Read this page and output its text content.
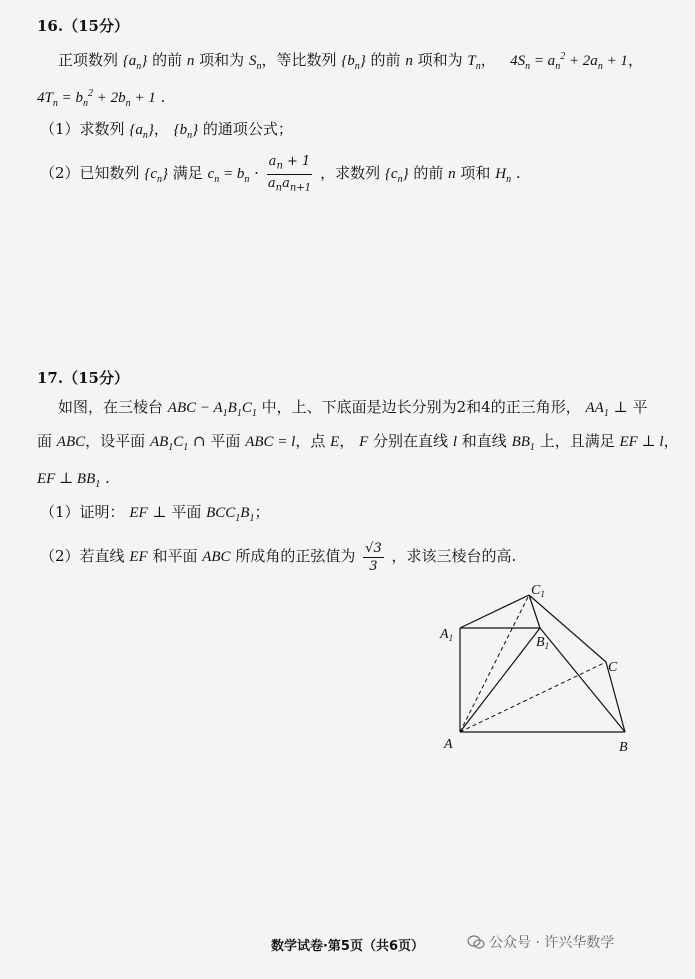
16.（15分）
正项数列 $\{a_n\}$ 的前 n 项和为 $S_n$，等比数列 $\{b_n\}$ 的前 n 项和为 $T_n$，   $4S_n = a_n^2 + 2a_n + 1$，
$4T_n = b_n^2 + 2b_n + 1$ .
（1）求数列 $\{a_n\}$， $\{b_n\}$ 的通项公式；
（2）已知数列 $\{c_n\}$ 满足 $c_n = b_n \cdot \frac{a_n + 1}{a_na_{n+1}}$ ，求数列 $\{c_n\}$ 的前 n 项和 $H_n$ .
17.（15分）
如图，在三棱台 ABC − $A_1B_1C_1$ 中，上、下底面是边长分别为2和4的正三角形， $AA_1$ ⊥ 平
面 ABC，设平面 $AB_1C_1$ ∩ 平面 ABC = l，点 E， F 分别在直线 l 和直线 $BB_1$ 上，且满足 EF ⊥ l，
EF ⊥ $BB_1$ .
（1）证明： EF ⊥ 平面 $BCC_1B_1$；
（2）若直线 EF 和平面 ABC 所成角的正弦值为 $\frac{√3}{3}$ ，求该三棱台的高.
A	B
C
$A_1$	$B_1$
$C_1$
数学试卷·第5页（共6页）	公众号 · 许兴华数学
